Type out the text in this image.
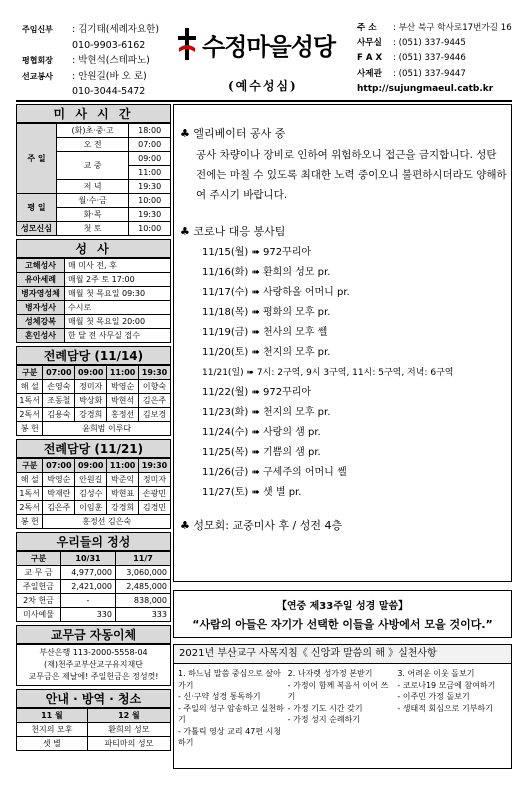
주임신부	: 김기태(세례자요한)
010-9903-6162
평협회장	: 박현석(스테파노)
선교봉사	: 안원길(바 오 로)
010-3044-5472
수정마을성당
(예수성심)
주 소	: 부산 북구 학사로17번가길 16
사무실	: (051) 337-9445
F A X	: (051) 337-9446
사제관	: (051) 337-9447
http://sujungmaeul.catb.kr
미 사 시 간
주 일	(화)초·중·고	18:00
	오 전	07:00
	교 중	09:00
		11:00
	저 녁	19:30
평 일	월·수·금	10:00
	화·목	19:30
성모신심	첫 토	10:00
성 사
고해성사	매 미사 전, 후
유아세례	매월 2주 토 17:00
병자영성체	매월 첫 목요일 09:30
병자성사	수시로
성체강복	매월 첫 목요일 20:00
혼인성사	한 달 전 사무실 접수
전례담당 (11/14)
구분	07:00	09:00	11:00	19:30
해 설	손영숙	정미자	박영순	이향숙
1독서	조동철	박상화	박현석	김은주
2독서	김용숙	강경희	홍정선	김보경
봉 헌	윤희범 이루다			
전례담당 (11/21)
구분	07:00	09:00	11:00	19:30
해 설	박영순	안원길	박준익	정미자
1독서	박재란	김성수	박현표	손광민
2독서	김은주	이임훈	강경희	김경민
봉 헌	홍정선 김은숙			
우리들의 정성
구분	10/31	11/7
교 무 금	4,977,000	3,060,000
주일헌금	2,421,000	2,485,000
2차 헌금	-	838,000
미사예물	330	333
교무금 자동이체
부산은행 113-2000-5558-04
(재)천주교부산교구유지재단
교무금은 제날에! 주일헌금은 정성껏!
안내 · 방역 · 청소
11 월	12 월
천지의 모후	환희의 성모
셋 별	파티마의 성모
♣ 엘리베이터 공사 중
공사 차량이나 장비로 인하여 위험하오니 접근을 금지합니다. 성탄 전에는 마칠 수 있도록 최대한 노력 중이오니 불편하시더라도 양해하여 주시기 바랍니다.
♣ 코로나 대응 봉사팀
11/15(월) ➠ 972꾸리아
11/16(화) ➠ 환희의 성모 pr.
11/17(수) ➠ 사랑하올 어머니 pr.
11/18(목) ➠ 평화의 모후 pr.
11/19(금) ➠ 천사의 모후 쎌
11/20(토) ➠ 천지의 모후 pr.
11/21(일) ➠ 7시: 2구역, 9시 3구역, 11시: 5구역, 저녁: 6구역
11/22(월) ➠ 972꾸리아
11/23(화) ➠ 천지의 모후 pr.
11/24(수) ➠ 사랑의 샘 pr.
11/25(목) ➠ 기쁨의 샘 pr.
11/26(금) ➠ 구세주의 어머니 쎌
11/27(토) ➠ 샛 별 pr.
♣ 성모회: 교중미사 후 / 성전 4층
【연중 제33주일 성경 말씀】
“사람의 아들은 자기가 선택한 이들을 사방에서 모을 것이다.”
2021년 부산교구 사목지침《 신앙과 말씀의 해 》실천사항
1. 하느님 말씀 중심으로 살아가기
- 신·구약 성경 통독하기
- 주일의 성구 암송하고 실천하기
- 가톨릭 영상 교리 47편 시청하기
2. 나자렛 성가정 본받기
- 가정이 함께 복음서 이어 쓰기
- 가정 기도 시간 갖기
- 가정 성지 순례하기
3. 어려운 이웃 돌보기
- 코로나19 모금에 참여하기
- 이주민 가정 돌보기
- 생태적 회심으로 기부하기
